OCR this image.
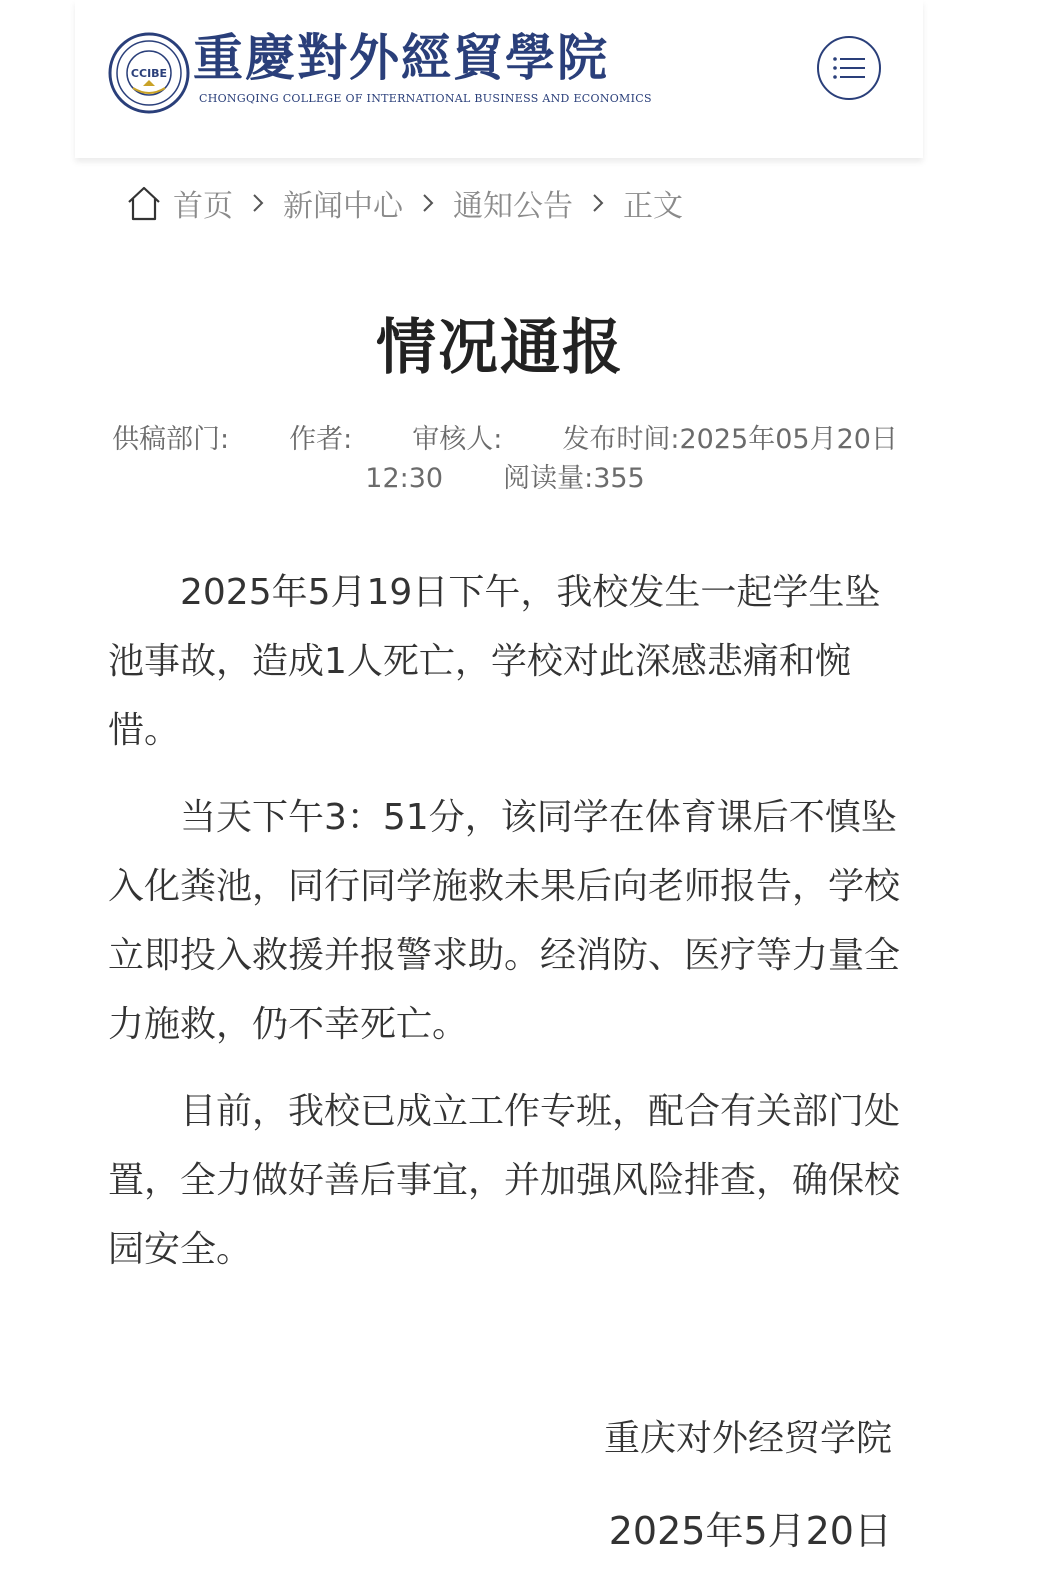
CCIBE 重慶對外經貿學院
CHONGQING COLLEGE OF INTERNATIONAL BUSINESS AND ECONOMICS
首页 新闻中心 通知公告 正文
情况通报
供稿部门: 作者: 审核人: 发布时间:2025年05月20日 12:30 阅读量:355

2025年5月19日下午，我校发生一起学生坠池事故，造成1人死亡，学校对此深感悲痛和惋惜。

当天下午3：51分，该同学在体育课后不慎坠入化粪池，同行同学施救未果后向老师报告，学校立即投入救援并报警求助。经消防、医疗等力量全力施救，仍不幸死亡。

目前，我校已成立工作专班，配合有关部门处置，全力做好善后事宜，并加强风险排查，确保校园安全。

重庆对外经贸学院
2025年5月20日
